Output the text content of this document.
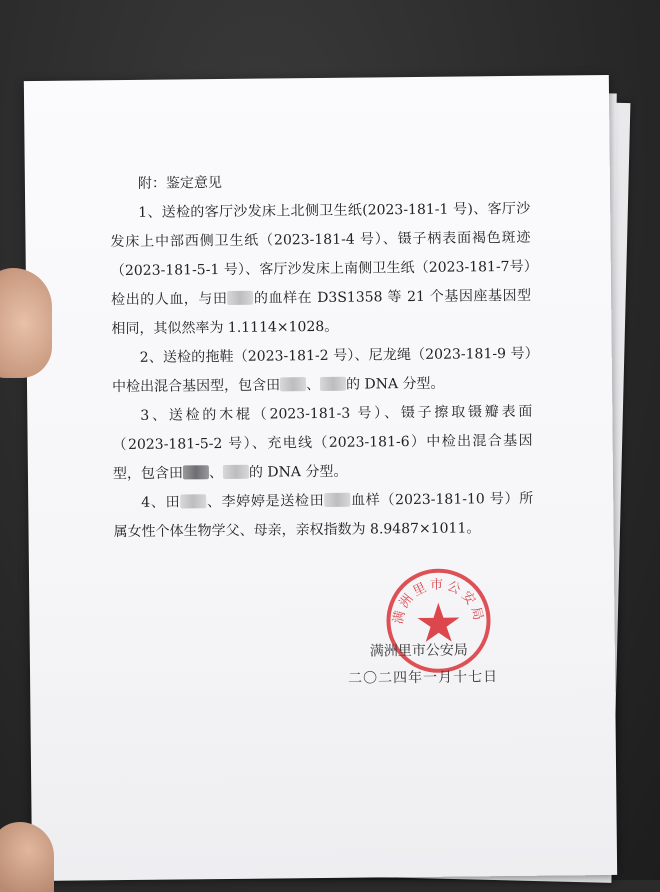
附：鉴定意见

1、送检的客厅沙发床上北侧卫生纸(2023-181-1 号)、客厅沙发床上中部西侧卫生纸（2023-181-4 号）、镊子柄表面褐色斑迹（2023-181-5-1 号）、客厅沙发床上南侧卫生纸（2023-181-7号）检出的人血，与田 的血样在 D3S1358 等 21 个基因座基因型相同，其似然率为 1.1114×1028。

2、送检的拖鞋（2023-181-2 号）、尼龙绳（2023-181-9 号）中检出混合基因型，包含田 、 的 DNA 分型。

3、送检的木棍（2023-181-3 号）、镊子擦取镊瓣表面（2023-181-5-2 号）、充电线（2023-181-6）中检出混合基因型，包含田 、 的 DNA 分型。

4、田 、李婷婷是送检田 血样（2023-181-10 号）所属女性个体生物学父、母亲，亲权指数为 8.9487×1011。

满洲里市公安局
满洲里市公安局
二〇二四年一月十七日
